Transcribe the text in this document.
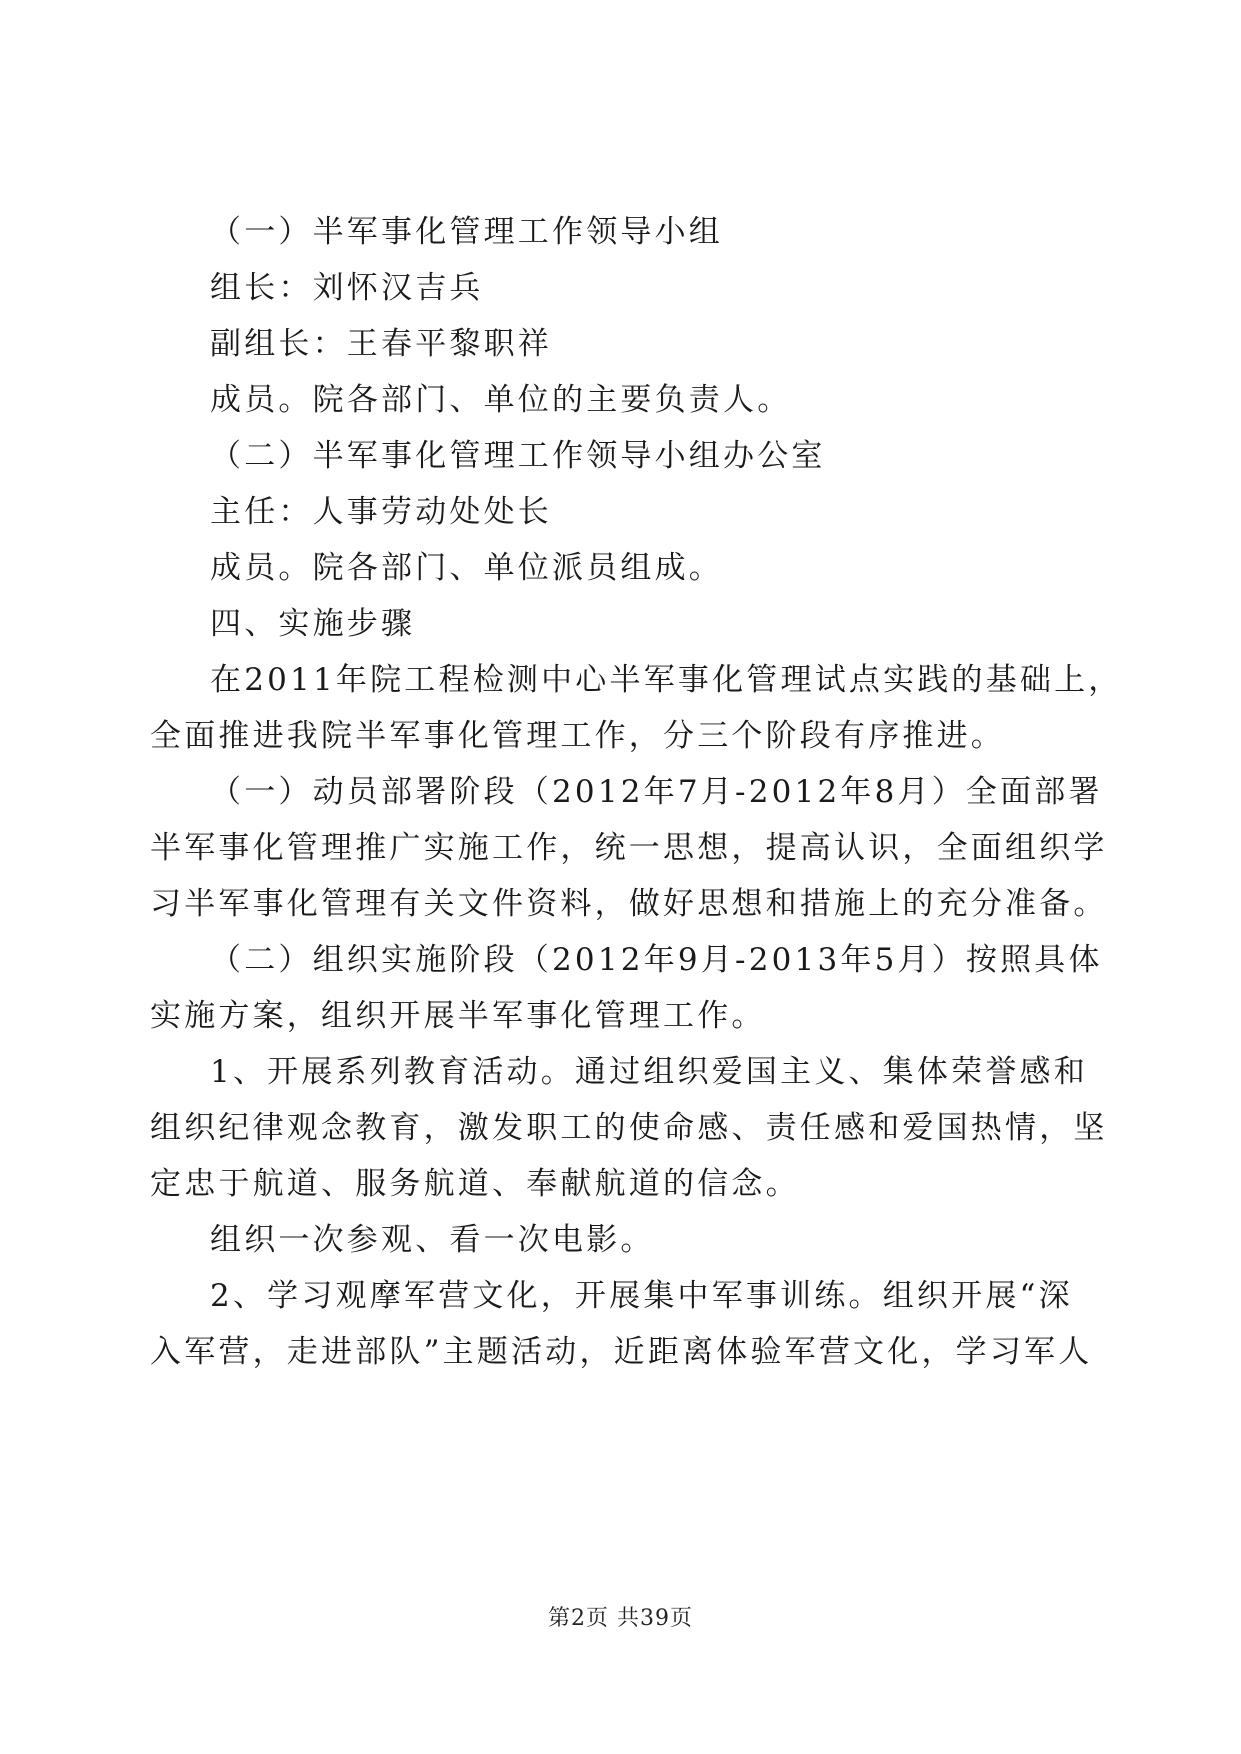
（一）半军事化管理工作领导小组
组长：刘怀汉吉兵
副组长：王春平黎职祥
成员。院各部门、单位的主要负责人。
（二）半军事化管理工作领导小组办公室
主任：人事劳动处处长
成员。院各部门、单位派员组成。
四、实施步骤
在2011年院工程检测中心半军事化管理试点实践的基础上，
全面推进我院半军事化管理工作，分三个阶段有序推进。
（一）动员部署阶段（2012年7月-2012年8月）全面部署
半军事化管理推广实施工作，统一思想，提高认识，全面组织学
习半军事化管理有关文件资料，做好思想和措施上的充分准备。
（二）组织实施阶段（2012年9月-2013年5月）按照具体
实施方案，组织开展半军事化管理工作。
1、开展系列教育活动。通过组织爱国主义、集体荣誉感和
组织纪律观念教育，激发职工的使命感、责任感和爱国热情，坚
定忠于航道、服务航道、奉献航道的信念。
组织一次参观、看一次电影。
2、学习观摩军营文化，开展集中军事训练。组织开展“深
入军营，走进部队”主题活动，近距离体验军营文化，学习军人
第2页 共39页
